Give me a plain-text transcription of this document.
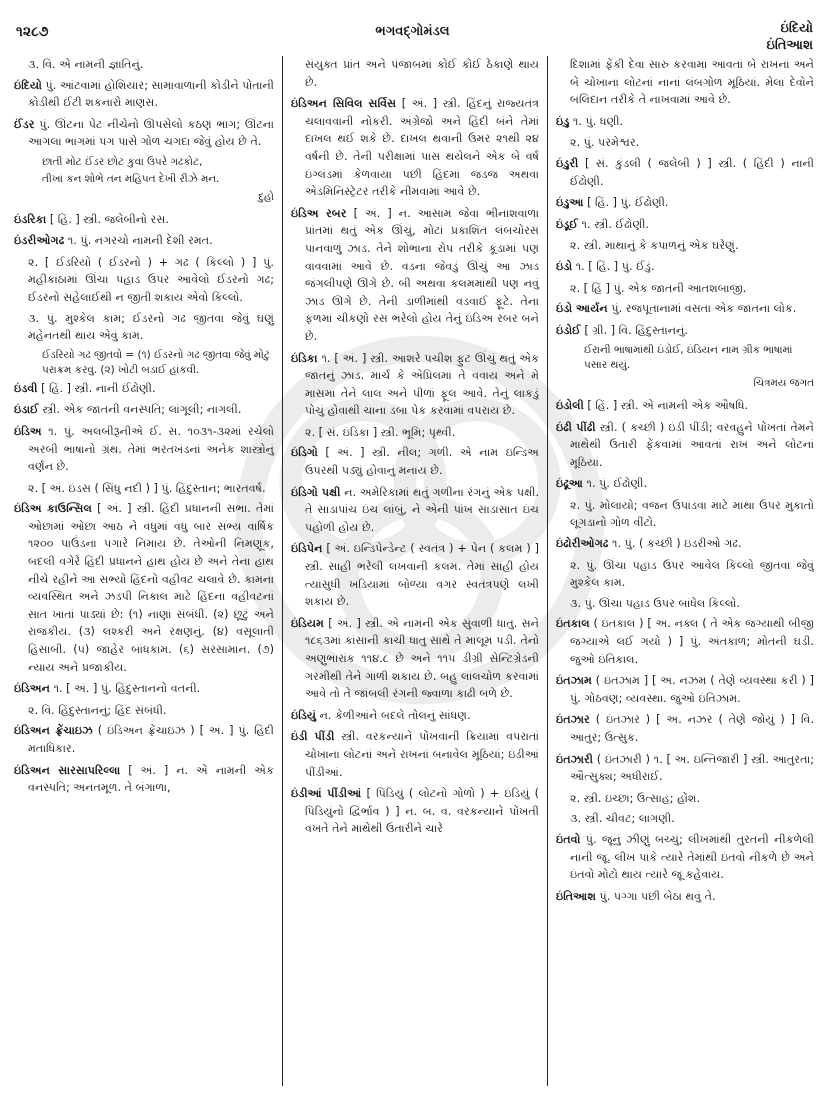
૧૨૮૭	ભગવદ્ગોમંડલ	ઇંદિયો
ઇંતિઆશ

૩. વિ. એ નામની જ્ઞાતિનું.

ઇંદિયો પું. આંટવામાં હોશિયાર; સામાવાળાની કોડીને પોતાની કોડીથી ઈંટી શકનારો માણસ.

ઈંડર પું. ઊંટના પેટ નીચેનો ઊપસેલો કઠણ ભાગ; ઊંટના આગલા ભાગમાં પગ પાસે ગોળ ચગદા જેવું હોય છે તે.

છાતી મોટ ઈંડર છોટ કુવા ઉપરે ગઢકોટ,

તીખાં કન શોભે તન મહિપત દેખી રીઝે મન.

દુહો

ઇંડરિકા [ હિં. ] સ્ત્રી. જલેબીનો રસ.

ઇંડરીઓગઢ ૧. પું. નગરચો નામની દેશી રમત.

૨. [ ઈડરિયો ( ઈડરનો ) + ગઢ ( કિલ્લો ) ] પું. મહીકાંઠામાં ઊંચા પહાડ ઉપર આવેલો ઈડરનો ગઢ; ઈડરનો સહેલાઈથી ન જીતી શકાય એવો કિલ્લો.

૩. પું. મુશ્કેલ કામ; ઈડરનો ગઢ જીતવા જેવું ઘણું મહેનતથી થાય એવું કામ.

ઈડરિયો ગઢ જીતવો = (૧) ઈડરનો ગઢ જીતવા જેવું મોટું પરાક્રમ કરવું. (૨) ખોટી બડાઈ હાંકવી.

ઇંડવી [ હિં. ] સ્ત્રી. નાની ઈંઢોણી.

ઇંડાઈ સ્ત્રી. એક જાતની વનસ્પતિ; લાંગૂલી; નાગલી.

ઇંડિઅ ૧. પું. અલબીરૂનીએ ઈ. સ. ૧૦૩૧-૩૨માં રચેલો અરબી ભાષાનો ગ્રંથ. તેમાં ભરતખંડનાં અનેક શાસ્ત્રોનું વર્ણન છે.

૨. [ અં. ઇંડસ ( સિંધુ નદી ) ] પું. હિંદુસ્તાન; ભારતવર્ષ.

ઇંડિઅ કાઉન્સિલ [ અં. ] સ્ત્રી. હિંદી પ્રધાનની સભા. તેમાં ઓછામાં ઓછા આઠ ને વધુમાં વધુ બાર સભ્ય વાર્ષિક ૧૨૦૦ પાઉંડના પગારે નિમાય છે. તેઓની નિમણૂક, બદલી વગેરે હિંદી પ્રધાનને હાથ હોય છે અને તેના હાથ નીચે રહીને આ સભ્યો હિંદનો વહીવટ ચલાવે છે. કામના વ્યવસ્થિત અને ઝડપી નિકાલ માટે હિંદના વહીવટનાં સાત ખાતાં પાડ્યાં છે: (૧) નાણાં સંબંધી. (૨) છૂટું અને રાજકીય. (૩) લશ્કરી અને રક્ષણનું. (૪) વસૂલાતી હિસાબી. (૫) જાહેર બાંધકામ. (૬) સરસામાન. (૭) ન્યાય અને પ્રજાકીય.

ઇંડિઅન ૧. [ અં. ] પું. હિંદુસ્તાનનો વતની.

૨. વિ. હિંદુસ્તાનનું; હિંદ સંબંધી.

ઇંડિઅન ફ્રેંચાઇઝ ( ઇંડિઅન ફ્રેંચાઇઝ ) [ અં. ] પું. હિંદી મતાધિકાર.

ઇંડિઅન સારસાપરિલ્લા [ અં. ] ન. એ નામની એક વનસ્પતિ; અનંતમૂળ. તે બંગાળા,

સંયુક્ત પ્રાંત અને પંજાબમાં કોઈ કોઈ ઠેકાણે થાય છે.

ઇંડિઅન સિવિલ સર્વિસ [ અં. ] સ્ત્રી. હિંદનું રાજ્યતંત્ર ચલાવવાની નોકરી. અંગ્રેજો અને હિંદી બંને તેમાં દાખલ થઈ શકે છે. દાખલ થવાની ઉમર ૨૧થી ૨૪ વર્ષની છે. તેની પરીક્ષામાં પાસ થયેલને એક બે વર્ષ ઇંગ્લંડમાં કેળવાયા પછી હિંદમાં જડજ અથવા એડમિનિસ્ટ્રેટર તરીકે નીમવામાં આવે છે.

ઇંડિઅ રબર [ અં. ] ન. આસામ જેવા ભીનાશવાળા પ્રાંતમાં થતું એક ઊંચું, મોટાં પ્રકાશિત લંબચોરસ પાનવાળું ઝાડ. તેને શોભાના રોપ તરીકે કૂંડામાં પણ વાવવામાં આવે છે. વડના જેવડું ઊંચું આ ઝાડ જંગલીપણે ઊગે છે. બી અથવા કલમમાંથી પણ નવું ઝાડ ઊગે છે. તેની ડાળીમાંથી વડવાઈ ફૂટે. તેના ફળમાં ચીકણો રસ ભરેલો હોય તેનું ઇંડિઅ રબર બને છે.

ઇંડિકા ૧. [ અં. ] સ્ત્રી. આશરે પચીશ ફુટ ઊંચું થતું એક જાતનું ઝાડ. માર્ચ કે એપ્રિલમાં તે વવાય અને મે માસમાં તેને લાલ અને પીળાં ફૂલ આવે. તેનું લાકડું પોચું હોવાથી ચાના ડબા પેક કરવામાં વપરાય છે.

૨. [ સં. ઇંડિકા ] સ્ત્રી. ભૂમિ; પૃથ્વી.

ઇંડિગો [ અં. ] સ્ત્રી. નીલ; ગળી. એ નામ ઇન્ડિઅ ઉપરથી પડ્યું હોવાનું મનાય છે.

ઇંડિગો પક્ષી ન. અમેરિકામાં થતું ગળીના રંગનું એક પક્ષી. તે સાડાપાંચ ઇંચ લાંબું, ને એની પાંખ સાડાસાત ઇંચ પહોળી હોય છે.

ઇંડિપેન [ અં. ઇન્ડિપેન્ડેન્ટ ( સ્વતંત્ર ) + પેન ( કલમ ) ] સ્ત્રી. સાહી ભરેલી લખવાની કલમ. તેમાં સાહી હોય ત્યાંસુધી ખડિયામાં બોળ્યા વગર સ્વતંત્રપણે લખી શકાય છે.

ઇંડિયમ [ અં. ] સ્ત્રી. એ નામની એક સુંવાળી ધાતુ. સને ૧૮૬૩માં કાંસાની કાચી ધાતુ સાથે તે માલૂમ પડી. તેનો અણુભારાંક ૧૧૪.૮ છે અને ૧૧૫ ડીગ્રી સેન્ટિગ્રેડની ગરમીથી તેને ગાળી શકાય છે. બહુ લાલચોળ કરવામાં આવે તો તે જાંબલી રંગની જ્વાળા કાઢી બળે છે.

ઇંડિયું ન. કેળીઆંને બદલે તોલનું સાંધણ.

ઇંડી પીંડી સ્ત્રી. વરકન્યાને પોંખવાની ક્રિયામાં વપરાતાં ચોખાના લોટનાં અને રાખનાં બનાવેલ મૂઠિયાં; ઇંડીઆં પીંડીઆં.

ઇંડીઆં પીંડીઆં [ પિંડિયું ( લોટનો ગોળો ) + ઇંડિયું ( પિંડિયુંનો દ્વિર્ભાવ ) ] ન. બ. વ. વરકન્યાને પોંખતી વખતે તેને માથેથી ઉતારીને ચારે

દિશામાં ફેંકી દેવા સારુ કરવામાં આવતાં બે રાખનાં અને બે ચોખાના લોટનાં નાનાં લંબગોળ મૂઠિયાં. મેલા દેવોને બલિદાન તરીકે તે નાખવામાં આવે છે.

ઇંડુ ૧. પું. ધણી.

૨. પું. પરમેશ્વર.

ઇંડુરી [ સં. કુંડલી ( જલેબી ) ] સ્ત્રી. ( હિંદી ) નાની ઈંઢોણી.

ઇંડુઆ [ હિં. ] પું. ઈંઢોણી.

ઇંડૂઈ ૧. સ્ત્રી. ઈંઢોણી.

૨. સ્ત્રી. માથાનું કે કપાળનું એક ઘરેણું.

ઇંડો ૧. [ હિં. ] પું. ઈંડું.

૨. [ હિં ] પું. એક જાતની આતશબાજી.

ઇંડો આર્યન પું. રજપૂતાનામાં વસતા એક જાતના લોક.

ઇંડોઈ [ ગ્રી. ] વિ. હિંદુસ્તાનનું.

ઈરાની ભાષામાંથી ઇંડોઈ, ઇંડિયન નામ ગ્રીક ભાષામાં પસાર થયું.

ચિત્રમય જગત

ઇંડોલી [ હિં. ] સ્ત્રી. એ નામની એક ઔષધિ.

ઇંઢી પીંઢી સ્ત્રી. ( કચ્છી ) ઇંડી પીંડી; વરવહુને પોંખતાં તેમને માથેથી ઉતારી ફેંકવામાં આવતાં રાખ અને લોટનાં મૂઠિયાં.

ઇંઢૂઆ ૧. પું. ઈંઢોણી.

૨. પું. મોલાયો; વજન ઉપાડવા માટે માથા ઉપર મુકાતો લૂગડાનો ગોળ વીંટો.

ઇંઢોરીઓગઢ ૧. પું. ( કચ્છી ) ઇડરીઓ ગઢ.

૨. પું. ઊંચા પહાડ ઉપર આવેલ કિલ્લો જીતવા જેવું મુશ્કેલ કામ.

૩. પું. ઊંચા પહાડ ઉપર બાંધેલ કિલ્લો.

ઇંતકાલ ( ઇંતકાલ ) [ અ. નક્લ ( તે એક જગ્યાથી બીજી જગ્યાએ લઈ ગયો ) ] પું. અંતકાળ; મોતની ઘડી. જુઓ ઇંતિકાલ.

ઇંતઝામ ( ઇંતઝામ ] [ અ. નઝમ ( તેણે વ્યવસ્થા કરી ) ] પું. ગોઠવણ; વ્યવસ્થા. જુઓ ઇંતિઝામ.

ઇંતઝાર ( ઇંતઝાર ) [ અ. નઝર ( તેણે જોયું ) ] વિ. આતુર; ઉત્સુક.

ઇંતઝારી ( ઇંતઝારી ) ૧. [ અ. ઇન્તિજારી ] સ્ત્રી. આતુરતા; ઔત્સુક્ય; અધીરાઈ.

૨. સ્ત્રી. ઇચ્છા; ઉત્સાહ; હોંશ.

૩. સ્ત્રી. ચીવટ; લાગણી.

ઇંતવો પું. જૂનું ઝીણું બચ્ચું; લીખમાંથી તુરતની નીકળેલી નાની જૂ. લીખ પાકે ત્યારે તેમાંથી ઇંતવો નીકળે છે અને ઇંતવો મોટો થાય ત્યારે જૂ કહેવાય.

ઇંતિઆશ પું. પગ્ગા પછી બેઠા થવું તે.
